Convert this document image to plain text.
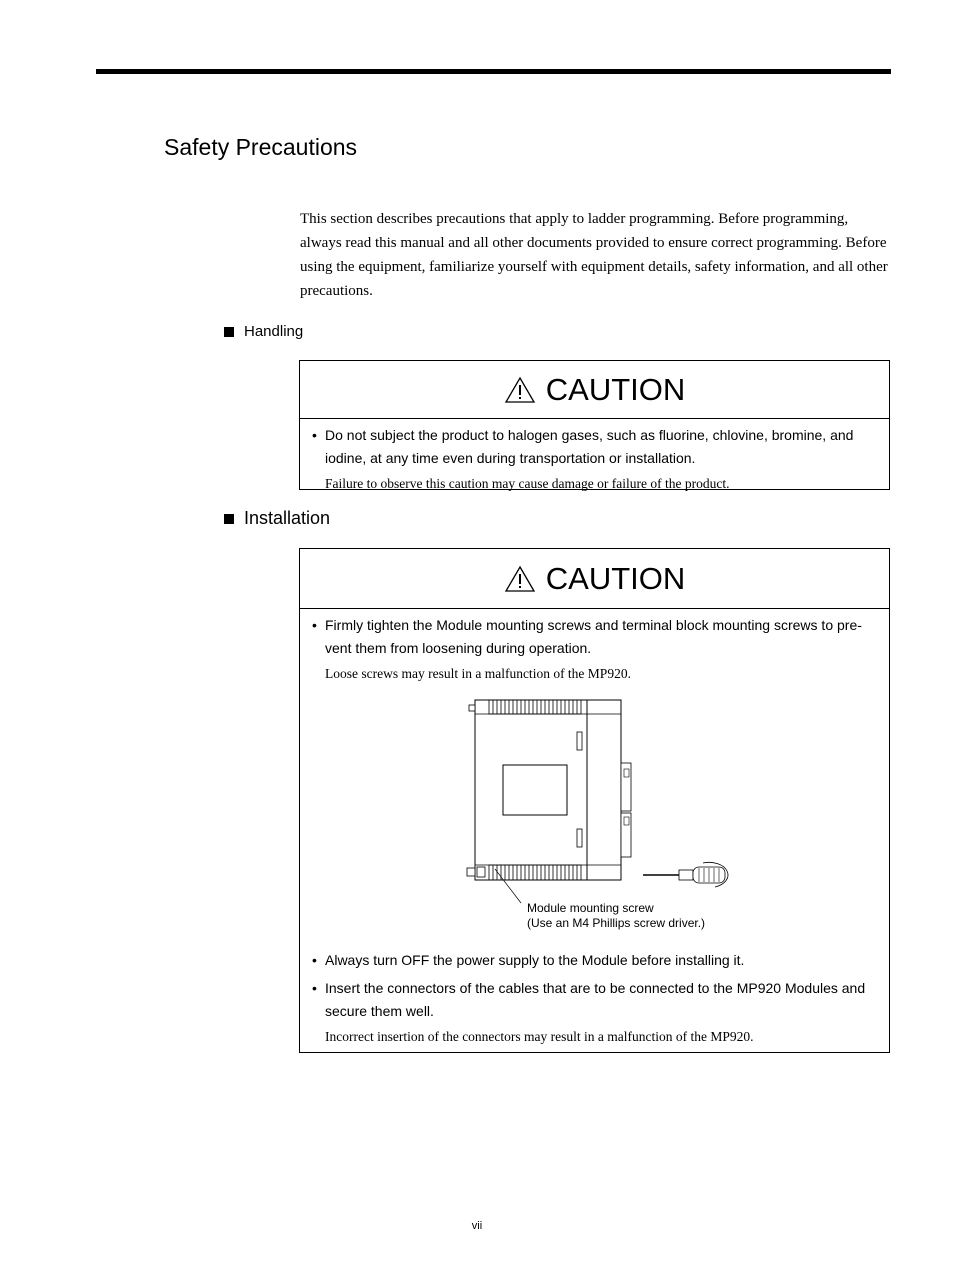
Safety Precautions

This section describes precautions that apply to ladder programming. Before programming, always read this manual and all other documents provided to ensure correct programming. Before using the equipment, familiarize yourself with equipment details, safety information, and all other precautions.

Handling
CAUTION
• Do not subject the product to halogen gases, such as fluorine, chlovine, bromine, and iodine, at any time even during transportation or installation.
Failure to observe this caution may cause damage or failure of the product.
Installation
CAUTION
• Firmly tighten the Module mounting screws and terminal block mounting screws to pre-vent them from loosening during operation.
Loose screws may result in a malfunction of the MP920.
Module mounting screw
(Use an M4 Phillips screw driver.)
• Always turn OFF the power supply to the Module before installing it.
• Insert the connectors of the cables that are to be connected to the MP920 Modules and secure them well.
Incorrect insertion of the connectors may result in a malfunction of the MP920.
vii
